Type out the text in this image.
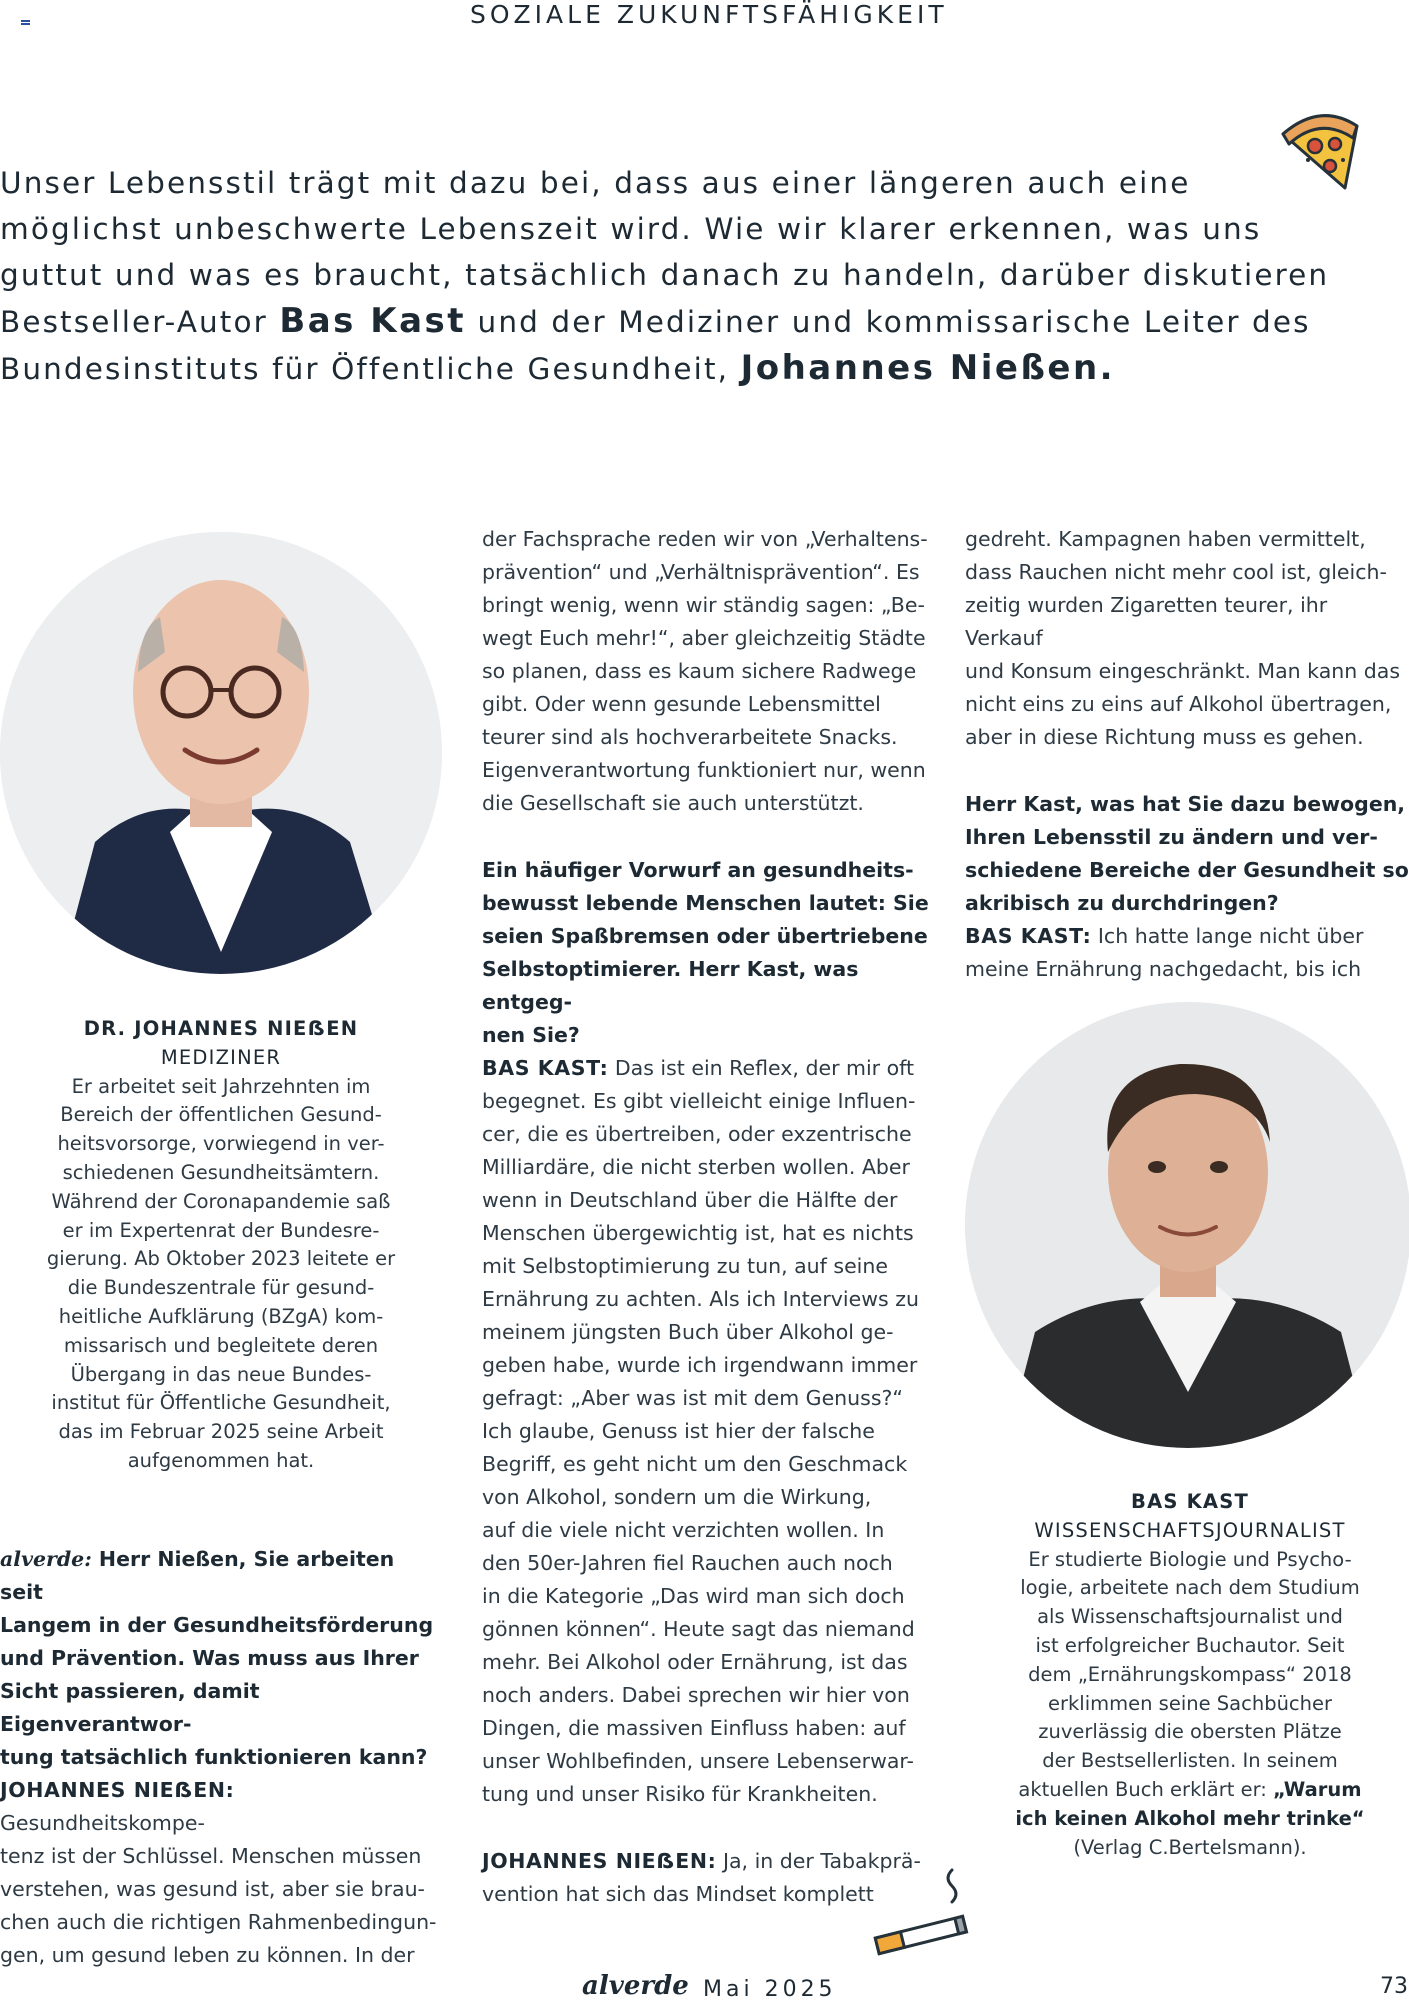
SOZIALE ZUKUNFTSFÄHIGKEIT
Unser Lebensstil trägt mit dazu bei, dass aus einer längeren auch eine möglichst unbeschwerte Lebenszeit wird. Wie wir klarer erkennen, was uns guttut und was es braucht, tatsächlich danach zu handeln, darüber diskutieren Bestseller-Autor Bas Kast und der Mediziner und kommissarische Leiter des Bundesinstituts für Öffentliche Gesundheit, Johannes Nießen.
DR. JOHANNES NIEẞEN
MEDIZINER
Er arbeitet seit Jahrzehnten im
Bereich der öffentlichen Gesund-
heitsvorsorge, vorwiegend in ver-
schiedenen Gesundheitsämtern.
Während der Coronapandemie saß
er im Expertenrat der Bundesre-
gierung. Ab Oktober 2023 leitete er
die Bundeszentrale für gesund-
heitliche Aufklärung (BZgA) kom-
missarisch und begleitete deren
Übergang in das neue Bundes-
institut für Öffentliche Gesundheit,
das im Februar 2025 seine Arbeit
aufgenommen hat.

alverde: Herr Nießen, Sie arbeiten seit

Langem in der Gesundheitsförderung

und Prävention. Was muss aus Ihrer

Sicht passieren, damit Eigenverantwor-

tung tatsächlich funktionieren kann?

JOHANNES NIEẞEN: Gesundheitskompe-

tenz ist der Schlüssel. Menschen müssen

verstehen, was gesund ist, aber sie brau-

chen auch die richtigen Rahmenbedingun-

gen, um gesund leben zu können. In der

der Fachsprache reden wir von „Verhaltens-

prävention“ und „Verhältnisprävention“. Es

bringt wenig, wenn wir ständig sagen: „Be-

wegt Euch mehr!“, aber gleichzeitig Städte

so planen, dass es kaum sichere Radwege

gibt. Oder wenn gesunde Lebensmittel

teurer sind als hochverarbeitete Snacks.

Eigenverantwortung funktioniert nur, wenn

die Gesellschaft sie auch unterstützt.

Ein häufiger Vorwurf an gesundheits-

bewusst lebende Menschen lautet: Sie

seien Spaßbremsen oder übertriebene

Selbstoptimierer. Herr Kast, was entgeg-

nen Sie?

BAS KAST: Das ist ein Reflex, der mir oft

begegnet. Es gibt vielleicht einige Influen-

cer, die es übertreiben, oder exzentrische

Milliardäre, die nicht sterben wollen. Aber

wenn in Deutschland über die Hälfte der

Menschen übergewichtig ist, hat es nichts

mit Selbstoptimierung zu tun, auf seine

Ernährung zu achten. Als ich Interviews zu

meinem jüngsten Buch über Alkohol ge-

geben habe, wurde ich irgendwann immer

gefragt: „Aber was ist mit dem Genuss?“

Ich glaube, Genuss ist hier der falsche

Begriff, es geht nicht um den Geschmack

von Alkohol, sondern um die Wirkung,

auf die viele nicht verzichten wollen. In

den 50er-Jahren fiel Rauchen auch noch

in die Kategorie „Das wird man sich doch

gönnen können“. Heute sagt das niemand

mehr. Bei Alkohol oder Ernährung, ist das

noch anders. Dabei sprechen wir hier von

Dingen, die massiven Einfluss haben: auf

unser Wohlbefinden, unsere Lebenserwar-

tung und unser Risiko für Krankheiten.

JOHANNES NIEẞEN: Ja, in der Tabakprä-

vention hat sich das Mindset komplett

gedreht. Kampagnen haben vermittelt,

dass Rauchen nicht mehr cool ist, gleich-

zeitig wurden Zigaretten teurer, ihr Verkauf

und Konsum eingeschränkt. Man kann das

nicht eins zu eins auf Alkohol übertragen,

aber in diese Richtung muss es gehen.

Herr Kast, was hat Sie dazu bewogen,

Ihren Lebensstil zu ändern und ver-

schiedene Bereiche der Gesundheit so

akribisch zu durchdringen?

BAS KAST: Ich hatte lange nicht über

meine Ernährung nachgedacht, bis ich

BAS KAST
WISSENSCHAFTSJOURNALIST
Er studierte Biologie und Psycho-
logie, arbeitete nach dem Studium
als Wissenschaftsjournalist und
ist erfolgreicher Buchautor. Seit
dem „Ernährungskompass“ 2018
erklimmen seine Sachbücher
zuverlässig die obersten Plätze
der Bestsellerlisten. In seinem
aktuellen Buch erklärt er: „Warum
ich keinen Alkohol mehr trinke“
(Verlag C.Bertelsmann).
alverde Mai 2025	73
